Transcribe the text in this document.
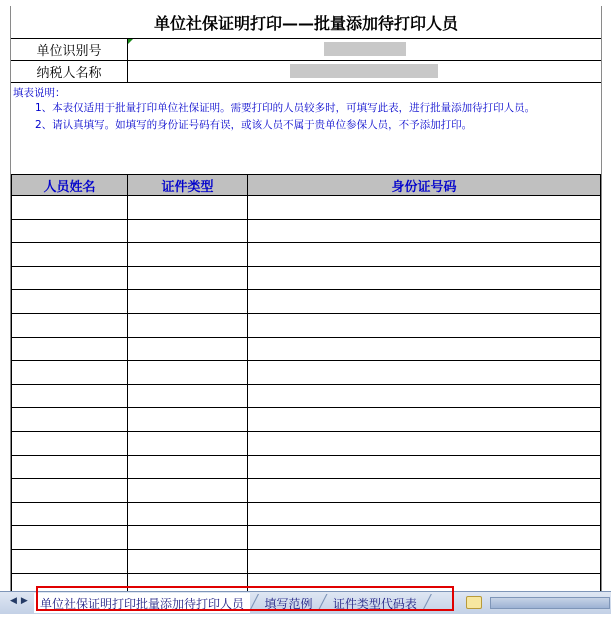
单位社保证明打印——批量添加待打印人员
单位识别号
纳税人名称
填表说明：
1、本表仅适用于批量打印单位社保证明。需要打印的人员较多时，可填写此表，进行批量添加待打印人员。
2、请认真填写。如填写的身份证号码有误，或该人员不属于贵单位参保人员，不予添加打印。
人员姓名	证件类型	身份证号码

◀ ▶	单位社保证明打印批量添加待打印人员 ╱ 填写范例 ╱ 证件类型代码表 ╱
